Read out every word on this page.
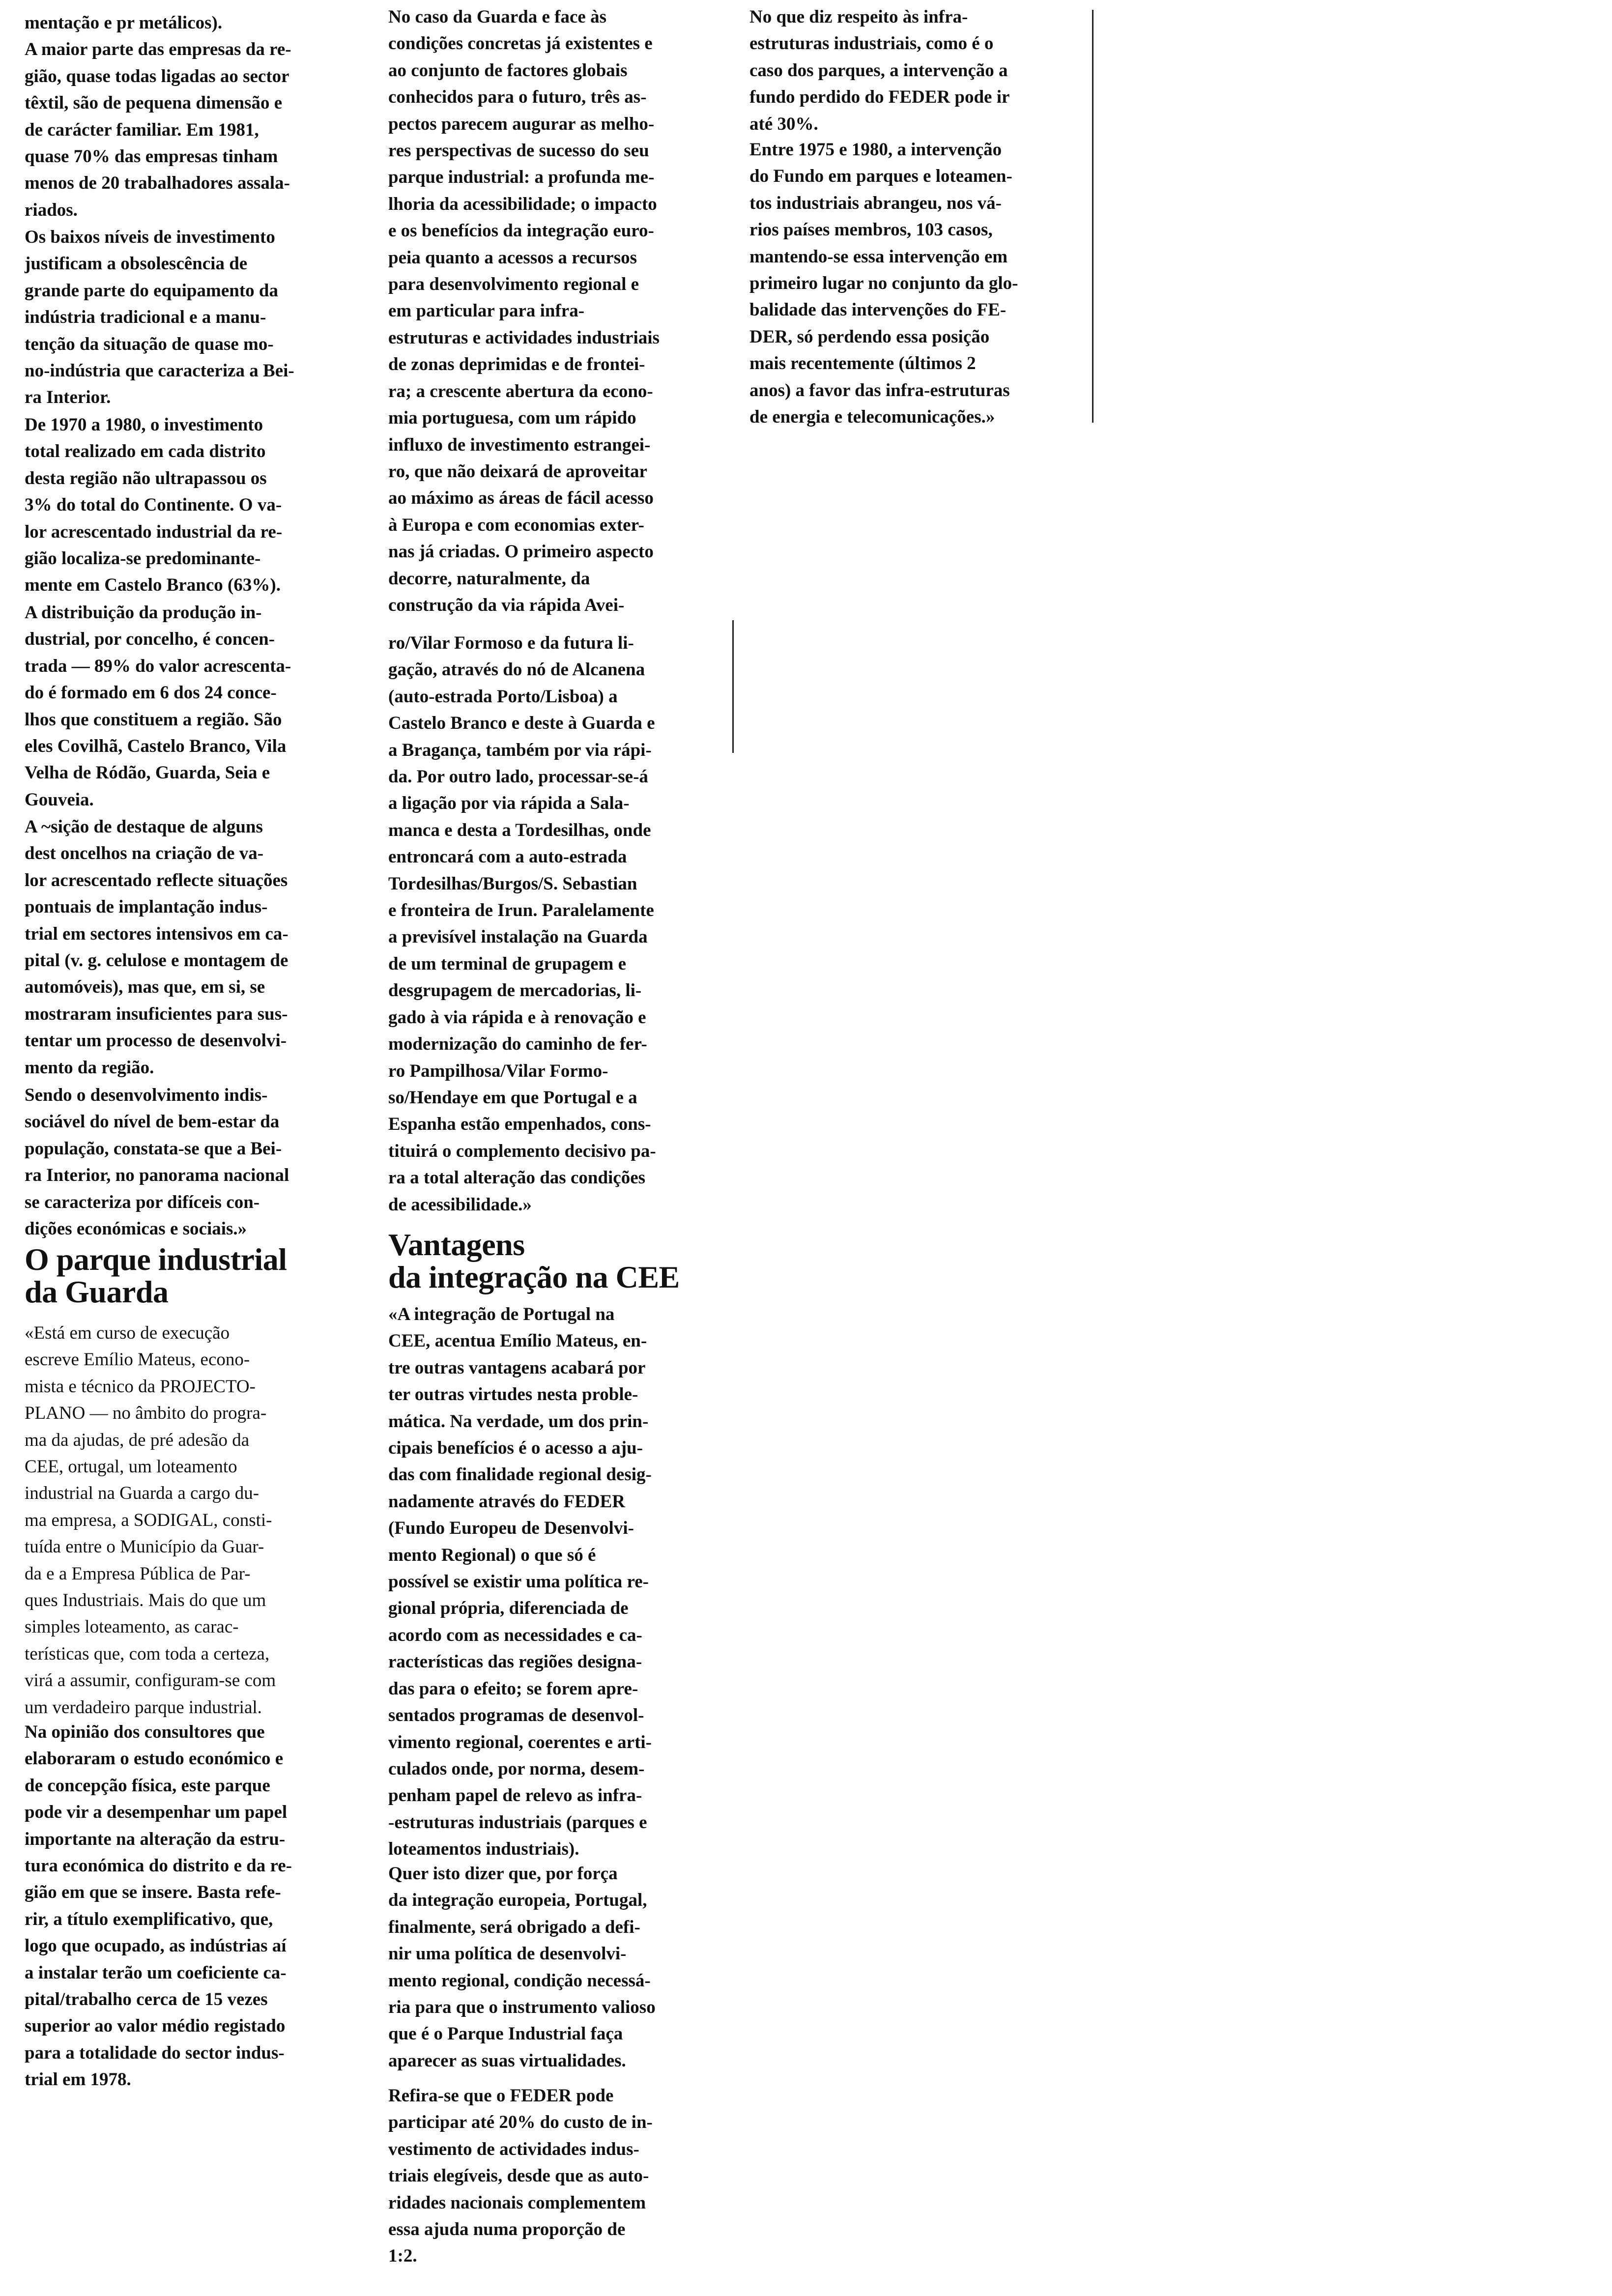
mentação e pr metálicos).
A maior parte das empresas da re-
gião, quase todas ligadas ao sector
têxtil, são de pequena dimensão e
de carácter familiar. Em 1981,
quase 70% das empresas tinham
menos de 20 trabalhadores assala-
riados.

Os baixos níveis de investimento
justificam a obsolescência de
grande parte do equipamento da
indústria tradicional e a manu-
tenção da situação de quase mo-
no-indústria que caracteriza a Bei-
ra Interior.

De 1970 a 1980, o investimento
total realizado em cada distrito
desta região não ultrapassou os
3% do total do Continente. O va-
lor acrescentado industrial da re-
gião localiza-se predominante-
mente em Castelo Branco (63%).

A distribuição da produção in-
dustrial, por concelho, é concen-
trada — 89% do valor acrescenta-
do é formado em 6 dos 24 conce-
lhos que constituem a região. São
eles Covilhã, Castelo Branco, Vila
Velha de Ródão, Guarda, Seia e
Gouveia.

A ~sição de destaque de alguns
dest oncelhos na criação de va-
lor acrescentado reflecte situações
pontuais de implantação indus-
trial em sectores intensivos em ca-
pital (v. g. celulose e montagem de
automóveis), mas que, em si, se
mostraram insuficientes para sus-
tentar um processo de desenvolvi-
mento da região.

Sendo o desenvolvimento indis-
sociável do nível de bem-estar da
população, constata-se que a Bei-
ra Interior, no panorama nacional
se caracteriza por difíceis con-
dições económicas e sociais.»

O parque industrial
da Guarda

«Está em curso de execução
escreve Emílio Mateus, econo-
mista e técnico da PROJECTO-
PLANO — no âmbito do progra-
ma da ajudas, de pré adesão da
CEE, ortugal, um loteamento
industrial na Guarda a cargo du-
ma empresa, a SODIGAL, consti-
tuída entre o Município da Guar-
da e a Empresa Pública de Par-
ques Industriais. Mais do que um
simples loteamento, as carac-
terísticas que, com toda a certeza,
virá a assumir, configuram-se com
um verdadeiro parque industrial.

Na opinião dos consultores que
elaboraram o estudo económico e
de concepção física, este parque
pode vir a desempenhar um papel
importante na alteração da estru-
tura económica do distrito e da re-
gião em que se insere. Basta refe-
rir, a título exemplificativo, que,
logo que ocupado, as indústrias aí
a instalar terão um coeficiente ca-
pital/trabalho cerca de 15 vezes
superior ao valor médio registado
para a totalidade do sector indus-
trial em 1978.

No caso da Guarda e face às
condições concretas já existentes e
ao conjunto de factores globais
conhecidos para o futuro, três as-
pectos parecem augurar as melho-
res perspectivas de sucesso do seu
parque industrial: a profunda me-
lhoria da acessibilidade; o impacto
e os benefícios da integração euro-
peia quanto a acessos a recursos
para desenvolvimento regional e
em particular para infra-
estruturas e actividades industriais
de zonas deprimidas e de frontei-
ra; a crescente abertura da econo-
mia portuguesa, com um rápido
influxo de investimento estrangei-
ro, que não deixará de aproveitar
ao máximo as áreas de fácil acesso
à Europa e com economias exter-
nas já criadas. O primeiro aspecto
decorre, naturalmente, da
construção da via rápida Avei-

ro/Vilar Formoso e da futura li-
gação, através do nó de Alcanena
(auto-estrada Porto/Lisboa) a
Castelo Branco e deste à Guarda e
a Bragança, também por via rápi-
da. Por outro lado, processar-se-á
a ligação por via rápida a Sala-
manca e desta a Tordesilhas, onde
entroncará com a auto-estrada
Tordesilhas/Burgos/S. Sebastian
e fronteira de Irun. Paralelamente
a previsível instalação na Guarda
de um terminal de grupagem e
desgrupagem de mercadorias, li-
gado à via rápida e à renovação e
modernização do caminho de fer-
ro Pampilhosa/Vilar Formo-
so/Hendaye em que Portugal e a
Espanha estão empenhados, cons-
tituirá o complemento decisivo pa-
ra a total alteração das condições
de acessibilidade.»

Vantagens
da integração na CEE

«A integração de Portugal na
CEE, acentua Emílio Mateus, en-
tre outras vantagens acabará por
ter outras virtudes nesta proble-
mática. Na verdade, um dos prin-
cipais benefícios é o acesso a aju-
das com finalidade regional desig-
nadamente através do FEDER
(Fundo Europeu de Desenvolvi-
mento Regional) o que só é
possível se existir uma política re-
gional própria, diferenciada de
acordo com as necessidades e ca-
racterísticas das regiões designa-
das para o efeito; se forem apre-
sentados programas de desenvol-
vimento regional, coerentes e arti-
culados onde, por norma, desem-
penham papel de relevo as infra-
-estruturas industriais (parques e
loteamentos industriais).

Quer isto dizer que, por força
da integração europeia, Portugal,
finalmente, será obrigado a defi-
nir uma política de desenvolvi-
mento regional, condição necessá-
ria para que o instrumento valioso
que é o Parque Industrial faça
aparecer as suas virtualidades.

Refira-se que o FEDER pode
participar até 20% do custo de in-
vestimento de actividades indus-
triais elegíveis, desde que as auto-
ridades nacionais complementem
essa ajuda numa proporção de
1:2.

No que diz respeito às infra-
estruturas industriais, como é o
caso dos parques, a intervenção a
fundo perdido do FEDER pode ir
até 30%.

Entre 1975 e 1980, a intervenção
do Fundo em parques e loteamen-
tos industriais abrangeu, nos vá-
rios países membros, 103 casos,
mantendo-se essa intervenção em
primeiro lugar no conjunto da glo-
balidade das intervenções do FE-
DER, só perdendo essa posição
mais recentemente (últimos 2
anos) a favor das infra-estruturas
de energia e telecomunicações.»
